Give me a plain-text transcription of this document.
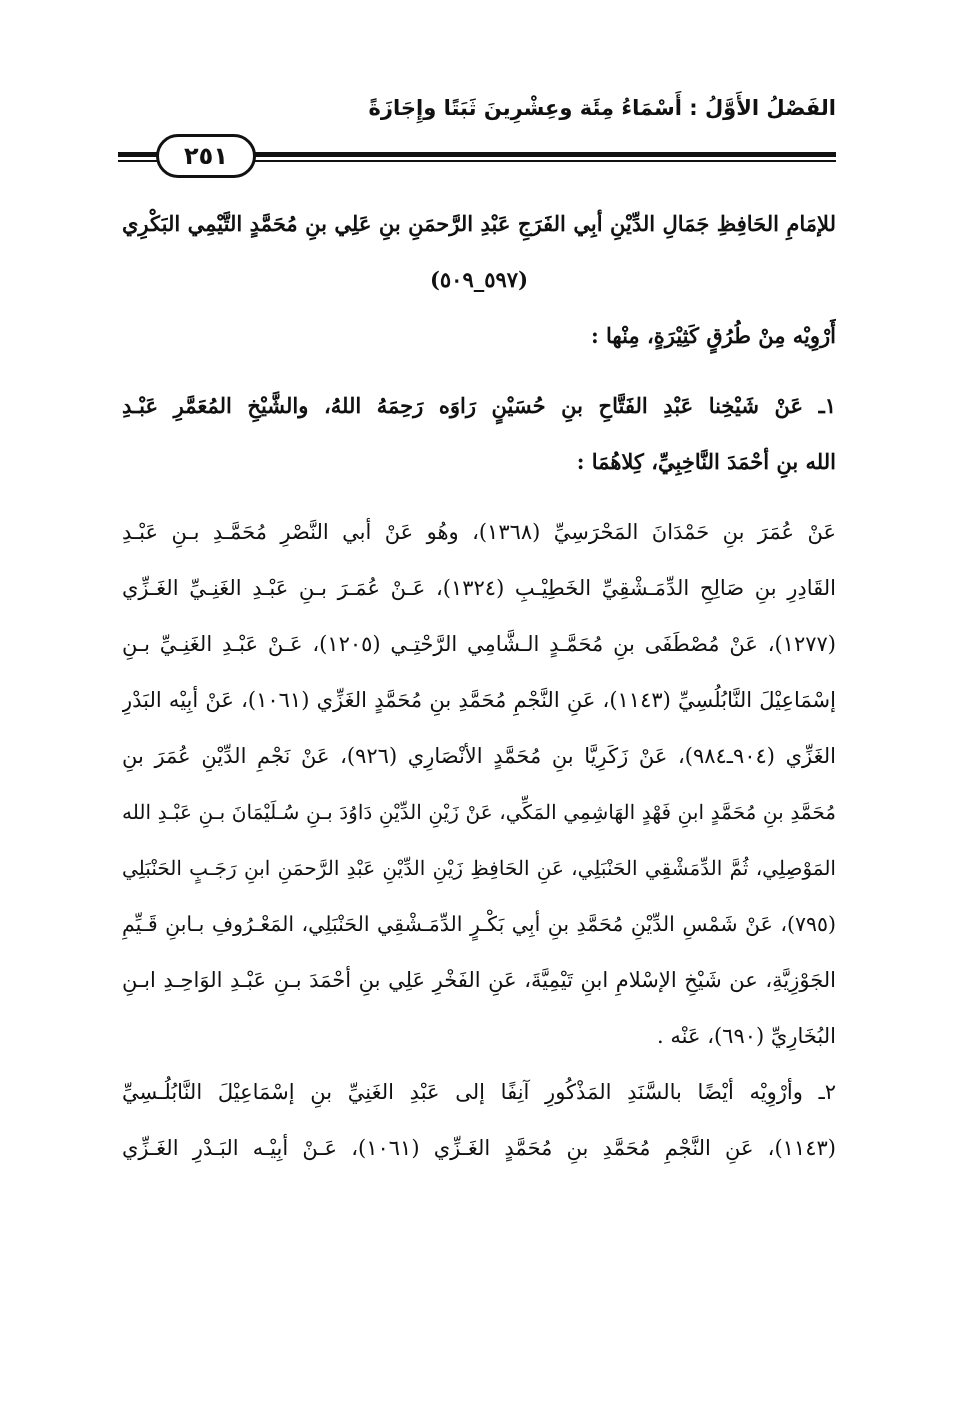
الفَصْلُ الأَوَّلُ : أَسْمَاءُ مِئَة وعِشْرِينَ ثَبَتًا وإِجَازَةً
٢٥١
للإمَامِ الحَافِظِ جَمَالِ الدِّيْنِ أبِي الفَرَجِ عَبْدِ الرَّحمَنِ بنِ عَلِي بنِ مُحَمَّدٍ التَّيْمِي البَكْرِي
(٥٩٧_٥٠٩)
أَرْوِيْه مِنْ طُرُقٍ كَثِيْرَةٍ، مِنْها :
١ـ عَنْ شَيْخِنا عَبْدِ الفَتَّاحِ بنِ حُسَيْنٍ رَاوَه رَحِمَهُ اللهُ، والشَّيْخِ المُعَمَّرِ عَبْـدِ
الله بنِ أحْمَدَ النَّاخِبِيِّ، كِلاهُمَا :
عَنْ عُمَرَ بنِ حَمْدَانَ المَحْرَسِيِّ (١٣٦٨)، وهُو عَنْ أبي النَّصْرِ مُحَمَّـدِ بـنِ عَبْـدِ
القَادِرِ بنِ صَالِحِ الدِّمَـشْقِيِّ الخَطِيْـبِ (١٣٢٤)، عَـنْ عُمَـرَ بـنِ عَبْـدِ الغَنِـيِّ الغَـزِّي
(١٢٧٧)، عَنْ مُصْطَفَى بنِ مُحَمَّـدٍ الـشَّامِي الرَّحْتِـي (١٢٠٥)، عَـنْ عَبْـدِ الغَنِـيِّ بـنِ
إسْمَاعِيْلَ النَّابُلُسِيِّ (١١٤٣)، عَنِ النَّجْمِ مُحَمَّدِ بنِ مُحَمَّدٍ الغَزِّي (١٠٦١)، عَنْ أبِيْه البَدْرِ
الغَزِّي (٩٠٤ـ٩٨٤)، عَنْ زَكَرِيَّا بنِ مُحَمَّدٍ الأنْصَارِي (٩٢٦)، عَنْ نَجْمِ الدِّيْنِ عُمَرَ بنِ
مُحَمَّدِ بنِ مُحَمَّدٍ ابنِ فَهْدٍ الهَاشِمِي المَكِّي، عَنْ زَيْنِ الدِّيْنِ دَاوُدَ بـنِ سُـلَيْمَانَ بـنِ عَبْـدِ الله
المَوْصِلِي، ثُمَّ الدِّمَشْقِي الحَنْبَلِي، عَنِ الحَافِظِ زَيْنِ الدِّيْنِ عَبْدِ الرَّحمَنِ ابنِ رَجَـبٍ الحَنْبَلِي
(٧٩٥)، عَنْ شَمْسِ الدِّيْنِ مُحَمَّدِ بنِ أبِي بَكْـرٍ الدِّمَـشْقِي الحَنْبَلِي، المَعْـرُوفِ بـابنِ قَـيِّمِ
الجَوْزِيَّةِ، عن شَيْخِ الإسْلامِ ابنِ تَيْمِيَّةَ، عَنِ الفَخْرِ عَلِي بنِ أحْمَدَ بـنِ عَبْـدِ الوَاحِـدِ ابـنِ
البُخَارِيِّ (٦٩٠)، عَنْه .
٢ـ وأرْوِيْه أيْضًا بالسَّنَدِ المَذْكُورِ آنِفًا إلى عَبْدِ الغَنِيِّ بنِ إسْمَاعِيْلَ النَّابُلُـسِيِّ
(١١٤٣)، عَنِ النَّجْمِ مُحَمَّدِ بنِ مُحَمَّدٍ الغَـزِّي (١٠٦١)، عَـنْ أبِيْـه البَـدْرِ الغَـزِّي
